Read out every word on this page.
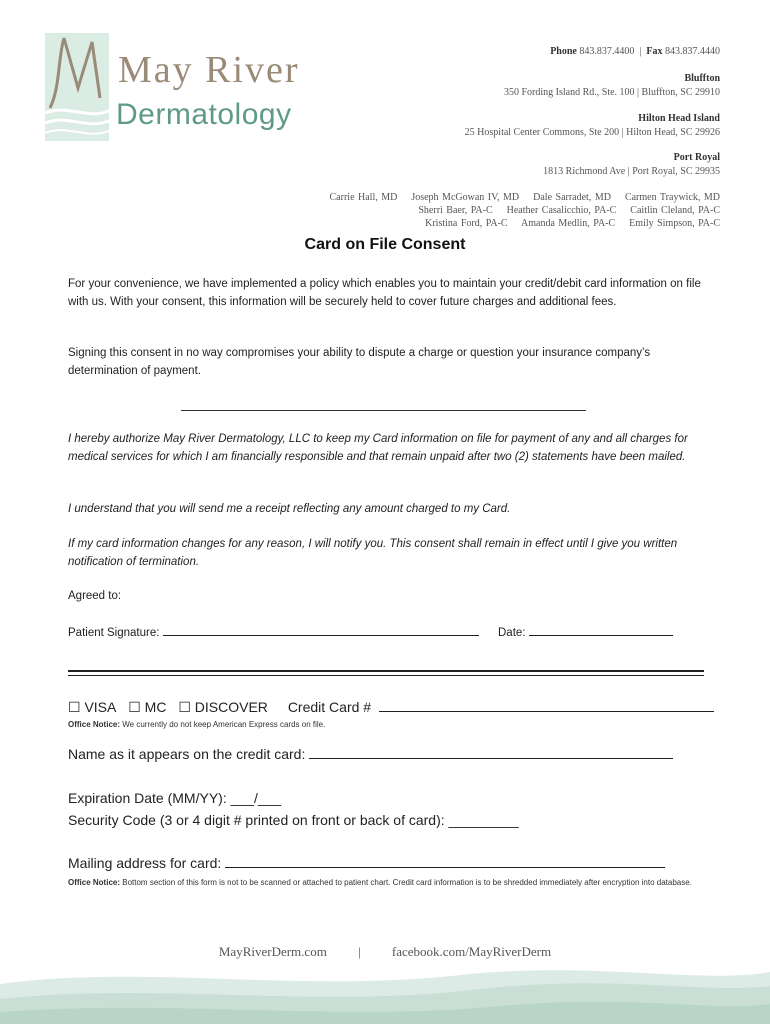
May River
Dermatology
Phone 843.837.4400 | Fax 843.837.4440
Bluffton
350 Fording Island Rd., Ste. 100 | Bluffton, SC 29910
Hilton Head Island
25 Hospital Center Commons, Ste 200 | Hilton Head, SC 29926
Port Royal
1813 Richmond Ave | Port Royal, SC 29935
Carrie Hall, MD    Joseph McGowan IV, MD    Dale Sarradet, MD    Carmen Traywick, MD
Sherri Baer, PA-C    Heather Casalicchio, PA-C    Caitlin Cleland, PA-C
Kristina Ford, PA-C    Amanda Medlin, PA-C    Emily Simpson, PA-C
Card on File Consent
For your convenience, we have implemented a policy which enables you to maintain your credit/debit card information on file with us. With your consent, this information will be securely held to cover future charges and additional fees.
Signing this consent in no way compromises your ability to dispute a charge or question your insurance company’s determination of payment.
I hereby authorize May River Dermatology, LLC to keep my Card information on file for payment of any and all charges for medical services for which I am financially responsible and that remain unpaid after two (2) statements have been mailed.
I understand that you will send me a receipt reflecting any amount charged to my Card.
If my card information changes for any reason, I will notify you. This consent shall remain in effect until I give you written notification of termination.
Agreed to:
Patient Signature:	Date:
☐ VISA ☐ MC ☐ DISCOVER Credit Card #
Office Notice: We currently do not keep American Express cards on file.
Name as it appears on the credit card:
Expiration Date (MM/YY): ___/___
Security Code (3 or 4 digit # printed on front or back of card): _________
Mailing address for card:
Office Notice: Bottom section of this form is not to be scanned or attached to patient chart. Credit card information is to be shredded immediately after encryption into database.
MayRiverDerm.com | facebook.com/MayRiverDerm
